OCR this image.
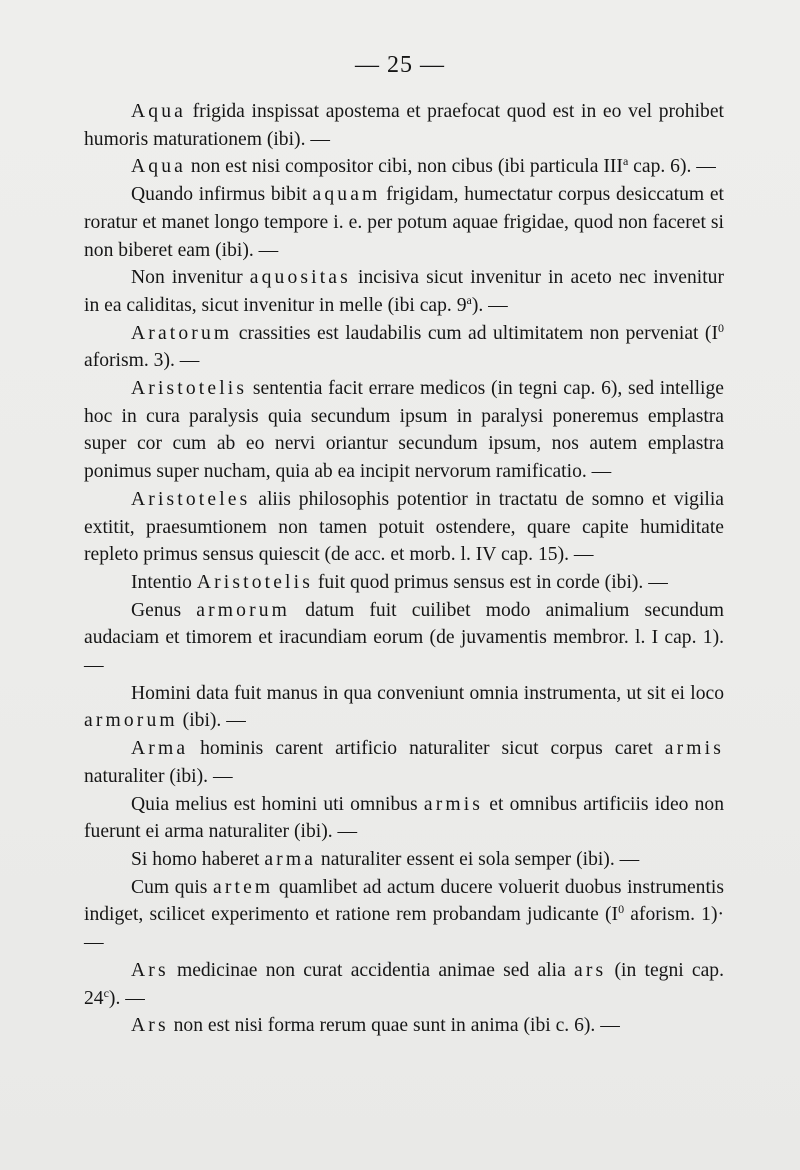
— 25 —

Aqua frigida inspissat apostema et praefocat quod est in eo vel prohibet humoris maturationem (ibi). —

Aqua non est nisi compositor cibi, non cibus (ibi particula III$^a$ cap. 6). —

Quando infirmus bibit aquam frigidam, humectatur corpus desiccatum et roratur et manet longo tempore i. e. per potum aquae frigidae, quod non faceret si non biberet eam (ibi). —

Non invenitur aquositas incisiva sicut invenitur in aceto nec invenitur in ea caliditas, sicut invenitur in melle (ibi cap. 9$^a$). —

Aratorum crassities est laudabilis cum ad ultimitatem non perveniat ($I^0$ aforism. 3). —

Aristotelis sententia facit errare medicos (in tegni cap. 6), sed intellige hoc in cura paralysis quia secundum ipsum in paralysi poneremus emplastra super cor cum ab eo nervi oriantur secundum ipsum, nos autem emplastra ponimus super nucham, quia ab ea incipit nervorum ramificatio. —

Aristoteles aliis philosophis potentior in tractatu de somno et vigilia extitit, praesumtionem non tamen potuit ostendere, quare capite humiditate repleto primus sensus quiescit (de acc. et morb. l. IV cap. 15). —

Intentio Aristotelis fuit quod primus sensus est in corde (ibi). —

Genus armorum datum fuit cuilibet modo animalium secundum audaciam et timorem et iracundiam eorum (de juvamentis membror. l. I cap. 1). —

Homini data fuit manus in qua conveniunt omnia instrumenta, ut sit ei loco armorum (ibi). —

Arma hominis carent artificio naturaliter sicut corpus caret armis naturaliter (ibi). —

Quia melius est homini uti omnibus armis et omnibus artificiis ideo non fuerunt ei arma naturaliter (ibi). —

Si homo haberet arma naturaliter essent ei sola semper (ibi). —

Cum quis artem quamlibet ad actum ducere voluerit duobus instrumentis indiget, scilicet experimento et ratione rem probandam judicante ($I^0$ aforism. 1)· —

Ars medicinae non curat accidentia animae sed alia ars (in tegni cap. 24$^c$). —

Ars non est nisi forma rerum quae sunt in anima (ibi c. 6). —
